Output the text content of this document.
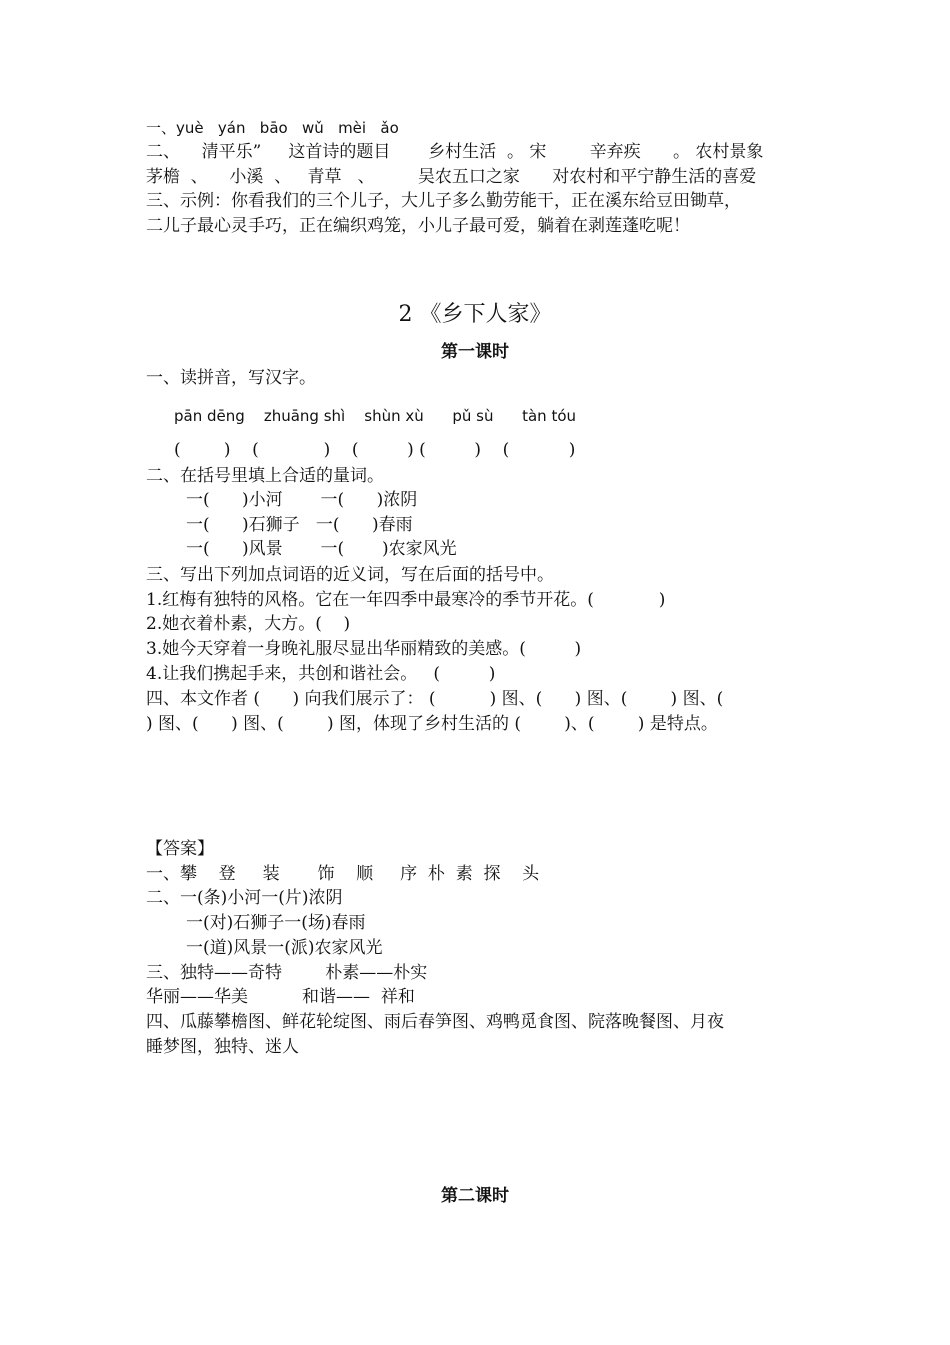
一、yuè   yán   bāo   wǔ   mèi   ǎo
二、    清平乐”     这首诗的题目       乡村生活  。 宋        辛弃疾      。 农村景象
茅檐  、    小溪  、   青草   、        吴农五口之家      对农村和平宁静生活的喜爱
三、示例：你看我们的三个儿子，大儿子多么勤劳能干，正在溪东给豆田锄草，
二儿子最心灵手巧，正在编织鸡笼，小儿子最可爱，躺着在剥莲蓬吃呢！
2 《乡下人家》
第一课时
一、读拼音，写汉字。
pān dēng    zhuāng shì    shùn xù      pǔ sù      tàn tóu
(        )    (            )    (         ) (         )    (           )
二、在括号里填上合适的量词。
一(      )小河       一(      )浓阴
一(      )石狮子   一(      )春雨
一(      )风景       一(       )农家风光
三、写出下列加点词语的近义词，写在后面的括号中。
1.红梅有独特的风格。它在一年四季中最寒冷的季节开花。(            )
2.她衣着朴素，大方。(    )
3.她今天穿着一身晚礼服尽显出华丽精致的美感。(         )
4.让我们携起手来，共创和谐社会。   (         )
四、本文作者 (      ) 向我们展示了： (          ) 图、(      ) 图、(        ) 图、(
) 图、(      ) 图、(        ) 图，体现了乡村生活的 (        )、(        ) 是特点。
【答案】
一、攀    登     装       饰    顺     序  朴  素  探    头
二、一(条)小河一(片)浓阴
一(对)石狮子一(场)春雨
一(道)风景一(派)农家风光
三、独特——奇特        朴素——朴实
华丽——华美          和谐——  祥和
四、瓜藤攀檐图、鲜花轮绽图、雨后春笋图、鸡鸭觅食图、院落晚餐图、月夜
睡梦图，独特、迷人
第二课时
